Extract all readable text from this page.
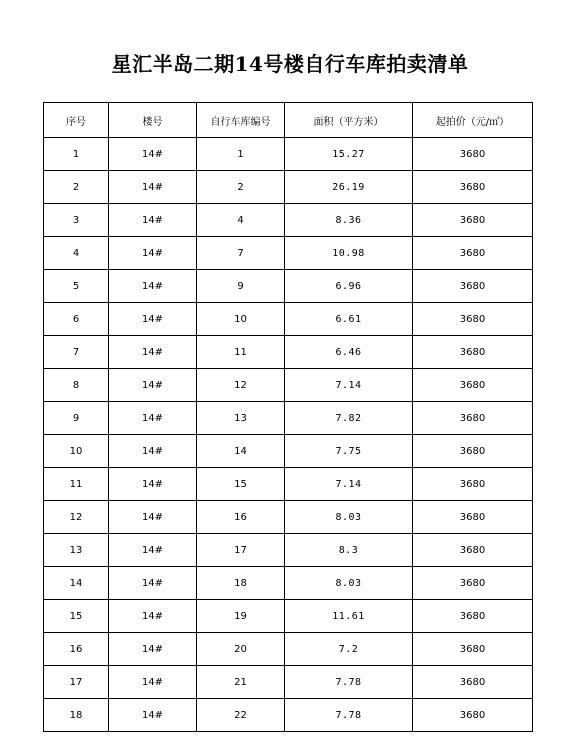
星汇半岛二期14号楼自行车库拍卖清单
序号	楼号	自行车库编号	面积（平方米）	起拍价（元/㎡）
1	14#	1	15.27	3680
2	14#	2	26.19	3680
3	14#	4	8.36	3680
4	14#	7	10.98	3680
5	14#	9	6.96	3680
6	14#	10	6.61	3680
7	14#	11	6.46	3680
8	14#	12	7.14	3680
9	14#	13	7.82	3680
10	14#	14	7.75	3680
11	14#	15	7.14	3680
12	14#	16	8.03	3680
13	14#	17	8.3	3680
14	14#	18	8.03	3680
15	14#	19	11.61	3680
16	14#	20	7.2	3680
17	14#	21	7.78	3680
18	14#	22	7.78	3680
